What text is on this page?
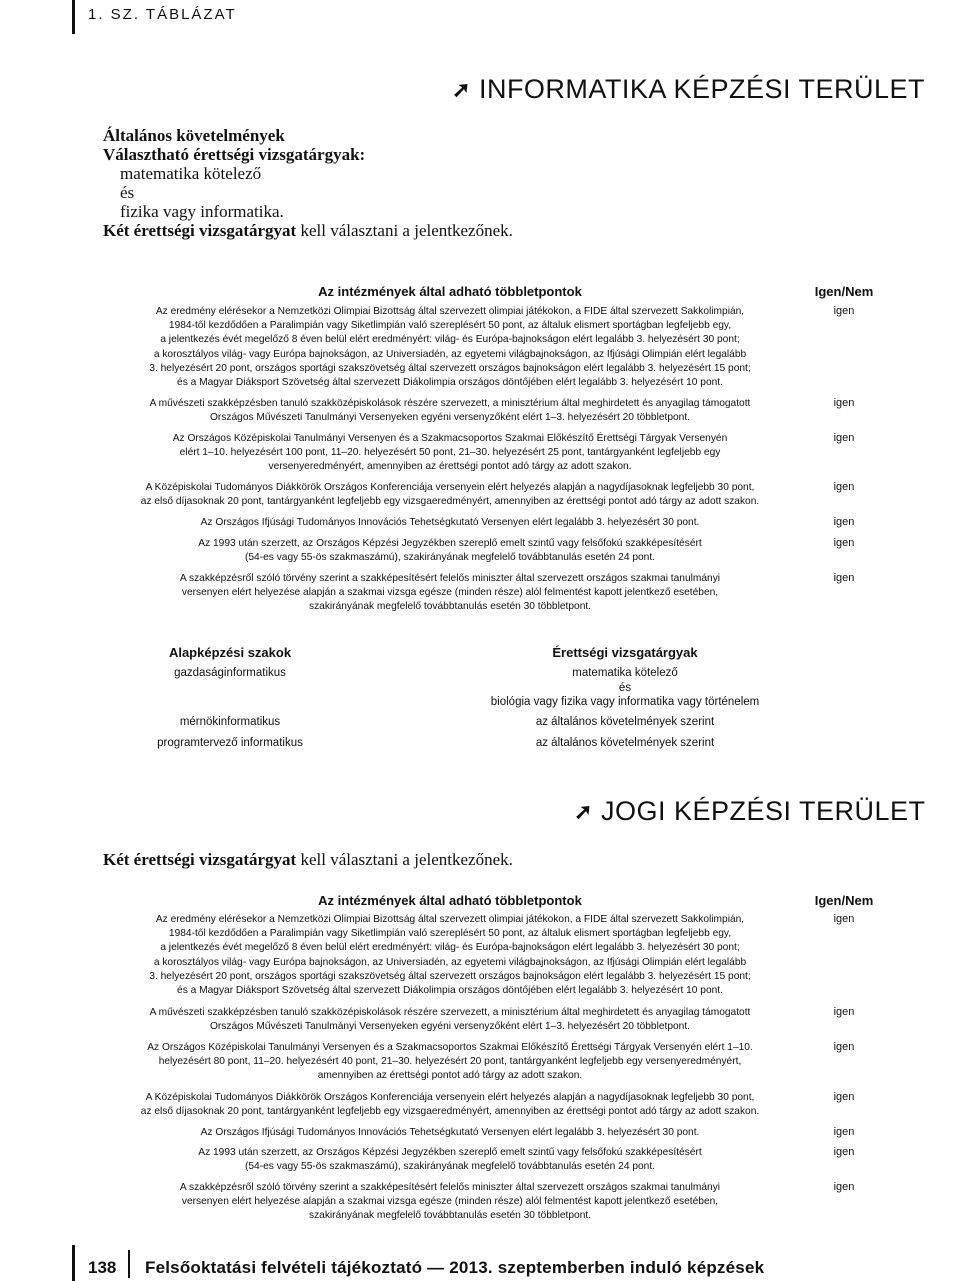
1. SZ. TÁBLÁZAT
➚ INFORMATIKA KÉPZÉSI TERÜLET
Általános követelmények
Választható érettségi vizsgatárgyak:
matematika kötelező
és
fizika vagy informatika.
Két érettségi vizsgatárgyat kell választani a jelentkezőnek.
Az intézmények által adható többletpontok	Igen/Nem
Az eredmény elérésekor a Nemzetközi Olimpiai Bizottság által szervezett olimpiai játékokon, a FIDE által szervezett Sakkolimpián,
1984-től kezdődően a Paralimpián vagy Siketlimpián való szereplésért 50 pont, az általuk elismert sportágban legfeljebb egy,
a jelentkezés évét megelőző 8 éven belül elért eredményért: világ- és Európa-bajnokságon elért legalább 3. helyezésért 30 pont;
a korosztályos világ- vagy Európa bajnokságon, az Universiadén, az egyetemi világbajnokságon, az Ifjúsági Olimpián elért legalább
3. helyezésért 20 pont, országos sportági szakszövetség által szervezett országos bajnokságon elért legalább 3. helyezésért 15 pont;
és a Magyar Diáksport Szövetség által szervezett Diákolimpia országos döntőjében elért legalább 3. helyezésért 10 pont.
igen
A művészeti szakképzésben tanuló szakközépiskolások részére szervezett, a minisztérium által meghirdetett és anyagilag támogatott
Országos Művészeti Tanulmányi Versenyeken egyéni versenyzőként elért 1–3. helyezésért 20 többletpont.
igen
Az Országos Középiskolai Tanulmányi Versenyen és a Szakmacsoportos Szakmai Előkészítő Érettségi Tárgyak Versenyén
elért 1–10. helyezésért 100 pont, 11–20. helyezésért 50 pont, 21–30. helyezésért 25 pont, tantárgyanként legfeljebb egy
versenyeredményért, amennyiben az érettségi pontot adó tárgy az adott szakon.
igen
A Középiskolai Tudományos Diákkörök Országos Konferenciája versenyein elért helyezés alapján a nagydíjasoknak legfeljebb 30 pont,
az első díjasoknak 20 pont, tantárgyanként legfeljebb egy vizsgaeredményért, amennyiben az érettségi pontot adó tárgy az adott szakon.
igen
Az Országos Ifjúsági Tudományos Innovációs Tehetségkutató Versenyen elért legalább 3. helyezésért 30 pont.	igen
Az 1993 után szerzett, az Országos Képzési Jegyzékben szereplő emelt szintű vagy felsőfokú szakképesítésért
(54-es vagy 55-ös szakmaszámú), szakirányának megfelelő továbbtanulás esetén 24 pont.
igen
A szakképzésről szóló törvény szerint a szakképesítésért felelős miniszter által szervezett országos szakmai tanulmányi
versenyen elért helyezése alapján a szakmai vizsga egésze (minden része) alól felmentést kapott jelentkező esetében,
szakirányának megfelelő továbbtanulás esetén 30 többletpont.
igen
Alapképzési szakok	Érettségi vizsgatárgyak
gazdaságinformatikus	matematika kötelező
és
biológia vagy fizika vagy informatika vagy történelem
mérnökinformatikus	az általános követelmények szerint
programtervező informatikus	az általános követelmények szerint
➚ JOGI KÉPZÉSI TERÜLET
Két érettségi vizsgatárgyat kell választani a jelentkezőnek.
Az intézmények által adható többletpontok	Igen/Nem
Az eredmény elérésekor a Nemzetközi Olimpiai Bizottság által szervezett olimpiai játékokon, a FIDE által szervezett Sakkolimpián,
1984-től kezdődően a Paralimpián vagy Siketlimpián való szereplésért 50 pont, az általuk elismert sportágban legfeljebb egy,
a jelentkezés évét megelőző 8 éven belül elért eredményért: világ- és Európa-bajnokságon elért legalább 3. helyezésért 30 pont;
a korosztályos világ- vagy Európa bajnokságon, az Universiadén, az egyetemi világbajnokságon, az Ifjúsági Olimpián elért legalább
3. helyezésért 20 pont, országos sportági szakszövetség által szervezett országos bajnokságon elért legalább 3. helyezésért 15 pont;
és a Magyar Diáksport Szövetség által szervezett Diákolimpia országos döntőjében elért legalább 3. helyezésért 10 pont.
igen
A művészeti szakképzésben tanuló szakközépiskolások részére szervezett, a minisztérium által meghirdetett és anyagilag támogatott
Országos Művészeti Tanulmányi Versenyeken egyéni versenyzőként elért 1–3. helyezésért 20 többletpont.
igen
Az Országos Középiskolai Tanulmányi Versenyen és a Szakmacsoportos Szakmai Előkészítő Érettségi Tárgyak Versenyén elért 1–10.
helyezésért 80 pont, 11–20. helyezésért 40 pont, 21–30. helyezésért 20 pont, tantárgyanként legfeljebb egy versenyeredményért,
amennyiben az érettségi pontot adó tárgy az adott szakon.
igen
A Középiskolai Tudományos Diákkörök Országos Konferenciája versenyein elért helyezés alapján a nagydíjasoknak legfeljebb 30 pont,
az első díjasoknak 20 pont, tantárgyanként legfeljebb egy vizsgaeredményért, amennyiben az érettségi pontot adó tárgy az adott szakon.
igen
Az Országos Ifjúsági Tudományos Innovációs Tehetségkutató Versenyen elért legalább 3. helyezésért 30 pont.	igen
Az 1993 után szerzett, az Országos Képzési Jegyzékben szereplő emelt szintű vagy felsőfokú szakképesítésért
(54-es vagy 55-ös szakmaszámú), szakirányának megfelelő továbbtanulás esetén 24 pont.
igen
A szakképzésről szóló törvény szerint a szakképesítésért felelős miniszter által szervezett országos szakmai tanulmányi
versenyen elért helyezése alapján a szakmai vizsga egésze (minden része) alól felmentést kapott jelentkező esetében,
szakirányának megfelelő továbbtanulás esetén 30 többletpont.
igen
138 Felsőoktatási felvételi tájékoztató — 2013. szeptemberben induló képzések
